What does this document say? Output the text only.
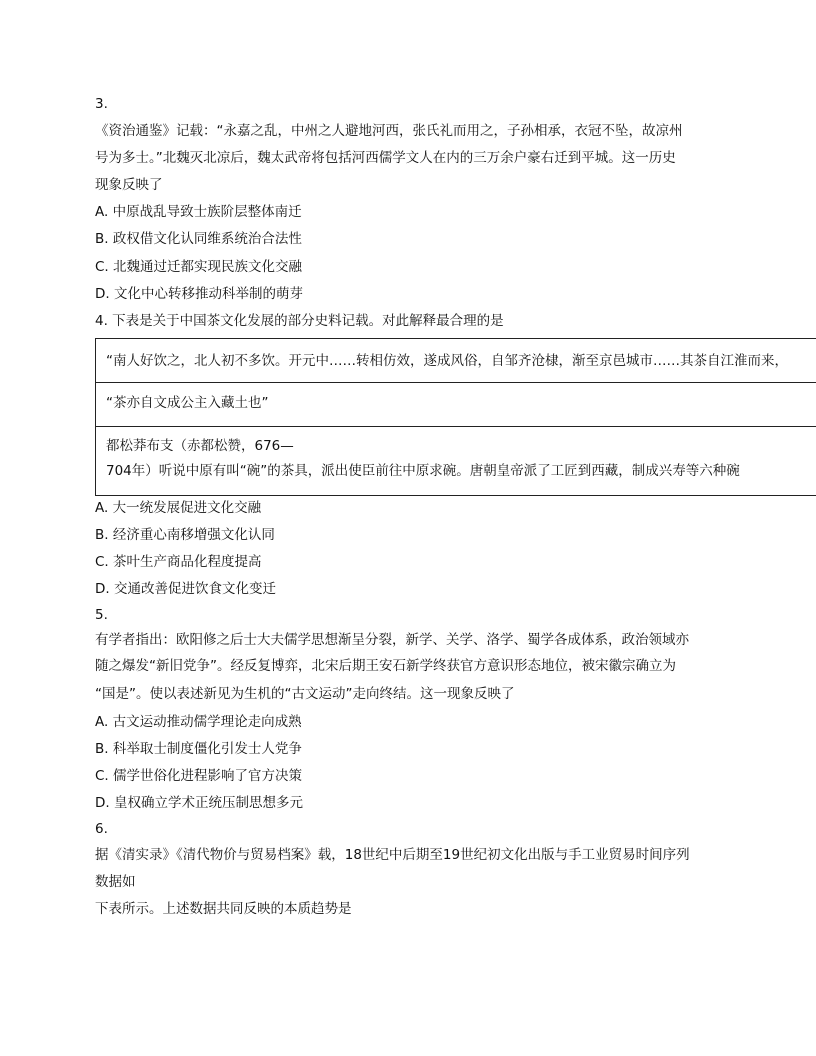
3.
《资治通鉴》记载：“永嘉之乱，中州之人避地河西，张氏礼而用之，子孙相承，衣冠不坠，故凉州
号为多士。”北魏灭北凉后，魏太武帝将包括河西儒学文人在内的三万余户豪右迁到平城。这一历史
现象反映了
A. 中原战乱导致士族阶层整体南迁
B. 政权借文化认同维系统治合法性
C. 北魏通过迁都实现民族文化交融
D. 文化中心转移推动科举制的萌芽
4. 下表是关于中国茶文化发展的部分史料记载。对此解释最合理的是
“南人好饮之，北人初不多饮。开元中……转相仿效，遂成风俗，自邹齐沧棣，渐至京邑城市……其茶自江淮而来，
“茶亦自文成公主入藏土也”
都松莽布支（赤都松赞，676—
704年）听说中原有叫“碗”的茶具，派出使臣前往中原求碗。唐朝皇帝派了工匠到西藏，制成兴寿等六种碗
A. 大一统发展促进文化交融
B. 经济重心南移增强文化认同
C. 茶叶生产商品化程度提高
D. 交通改善促进饮食文化变迁
5.
有学者指出：欧阳修之后士大夫儒学思想渐呈分裂，新学、关学、洛学、蜀学各成体系，政治领域亦
随之爆发“新旧党争”。经反复博弈，北宋后期王安石新学终获官方意识形态地位，被宋徽宗确立为
“国是”。使以表述新见为生机的“古文运动”走向终结。这一现象反映了
A. 古文运动推动儒学理论走向成熟
B. 科举取士制度僵化引发士人党争
C. 儒学世俗化进程影响了官方决策
D. 皇权确立学术正统压制思想多元
6.
据《清实录》《清代物价与贸易档案》载，18世纪中后期至19世纪初文化出版与手工业贸易时间序列
数据如
下表所示。上述数据共同反映的本质趋势是
